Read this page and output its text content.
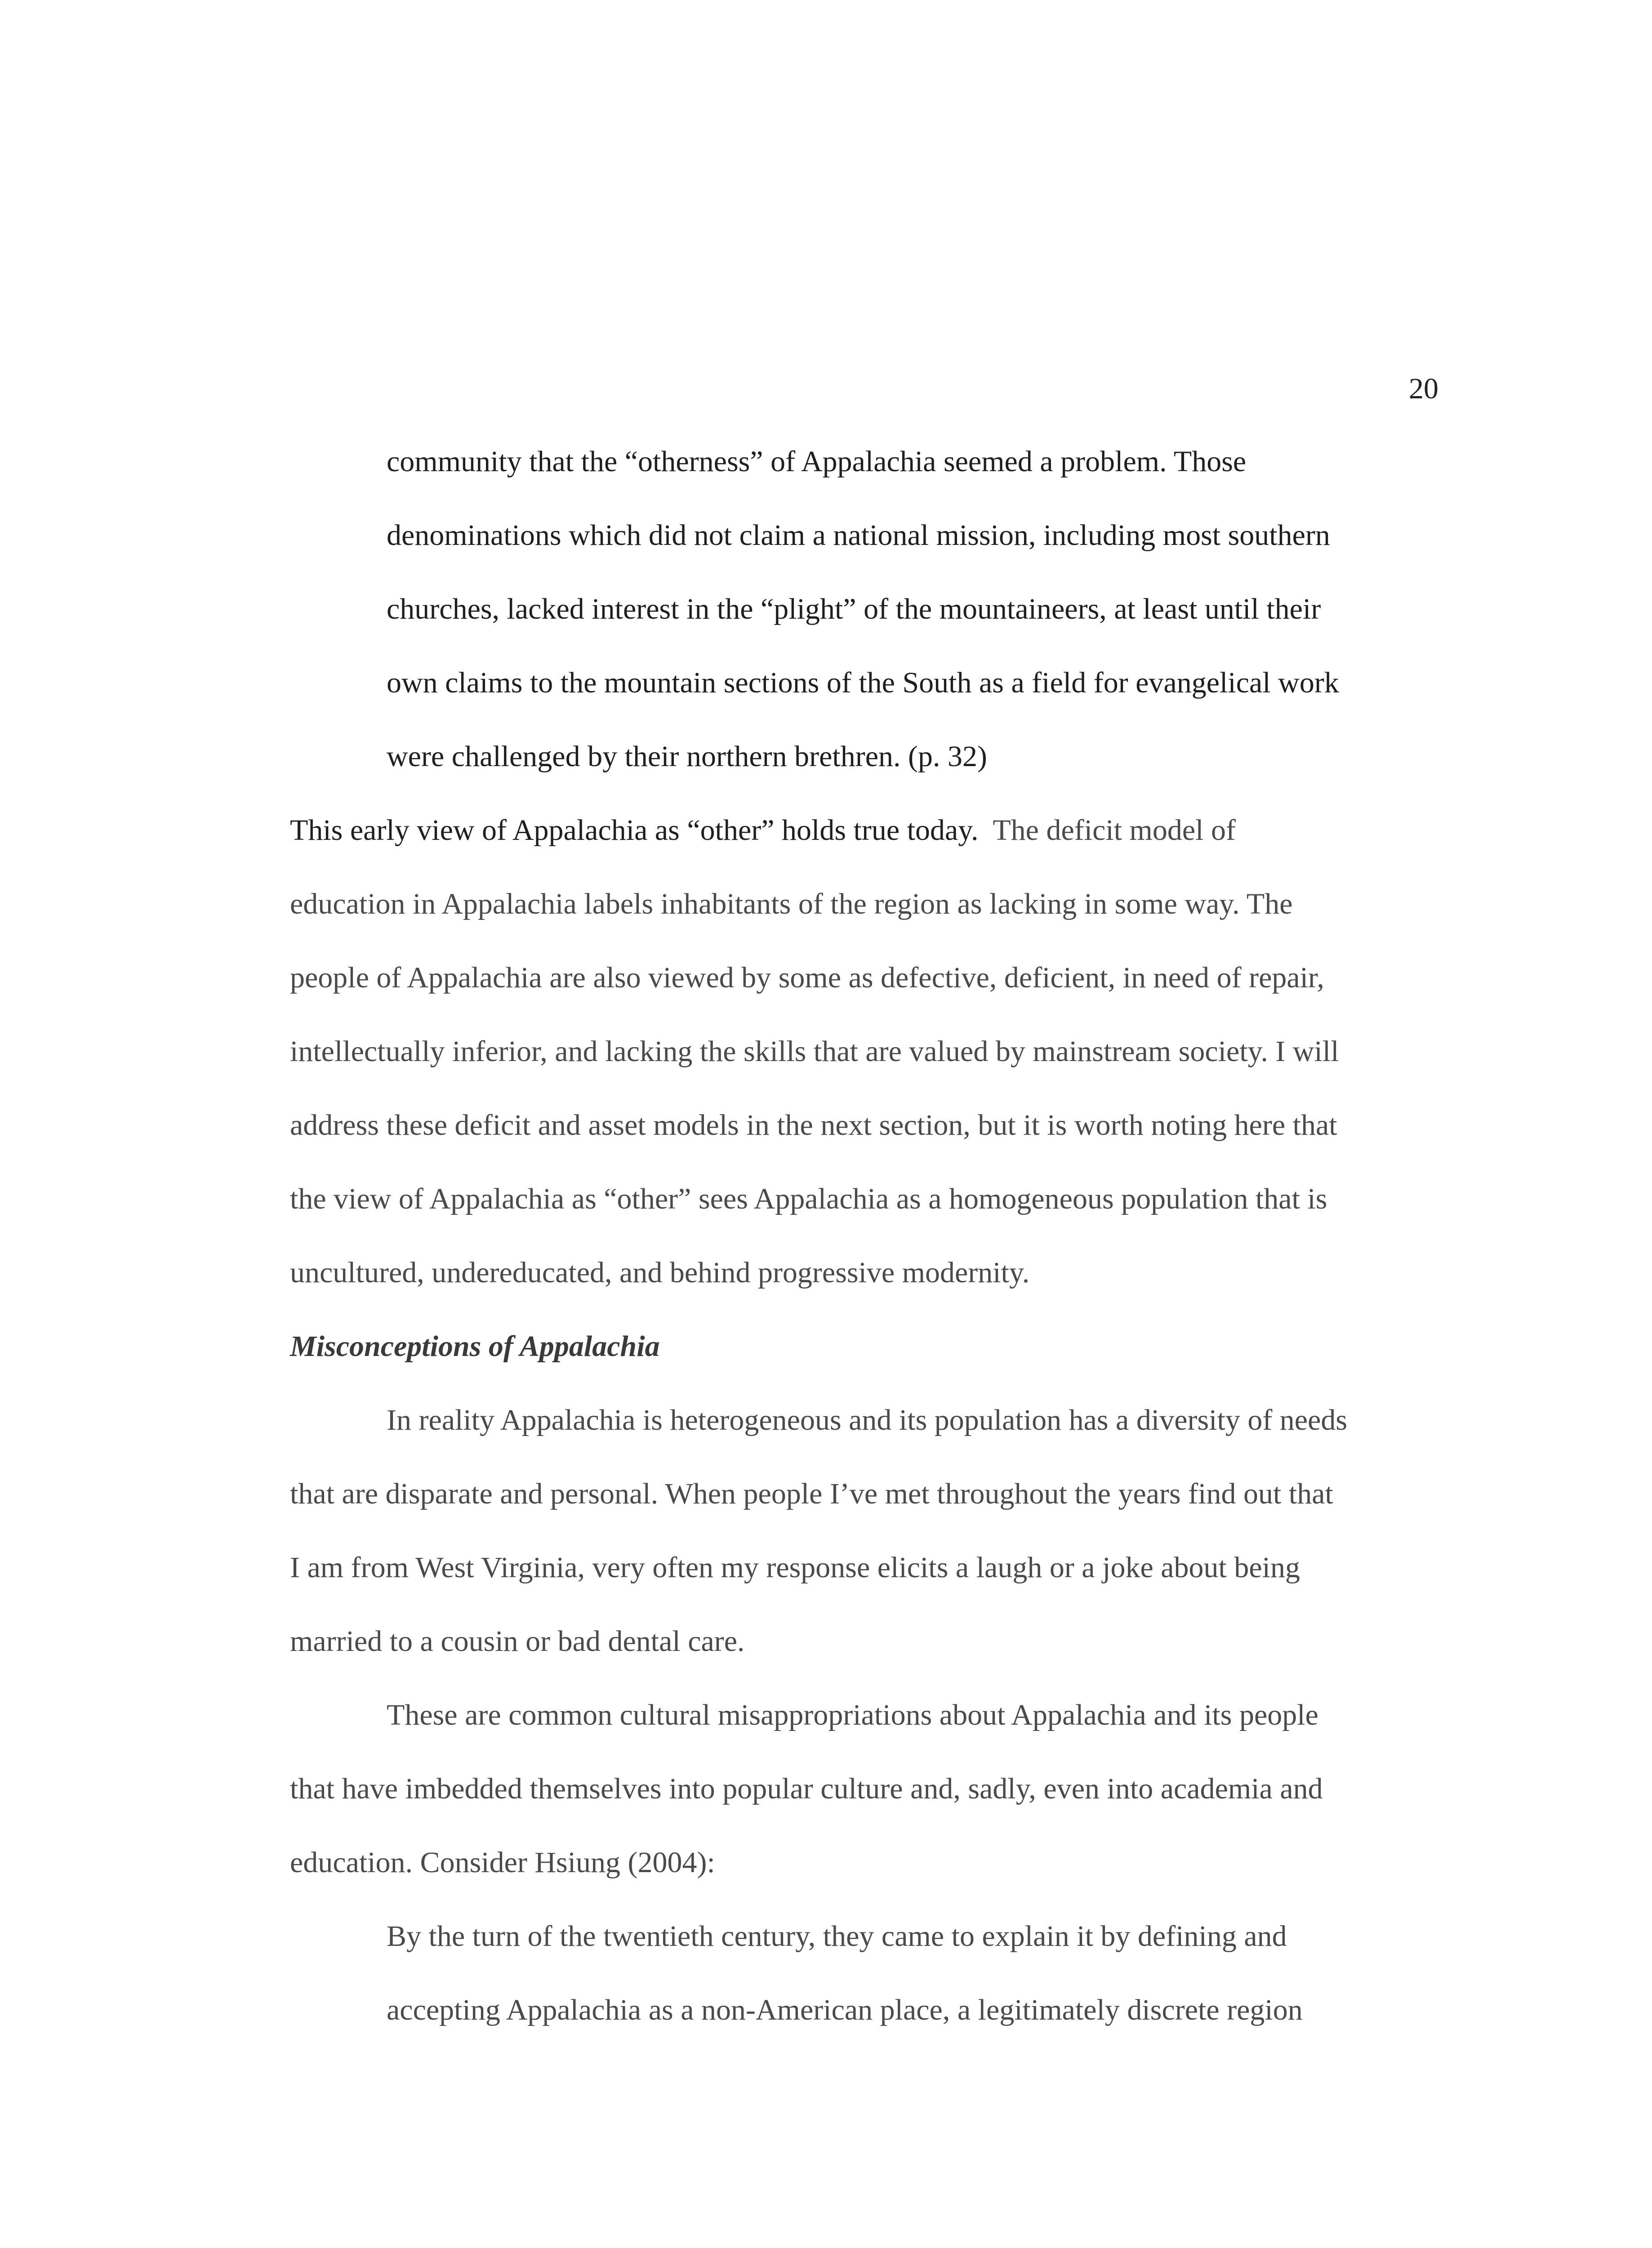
20
community that the “otherness” of Appalachia seemed a problem. Those
denominations which did not claim a national mission, including most southern
churches, lacked interest in the “plight” of the mountaineers, at least until their
own claims to the mountain sections of the South as a field for evangelical work
were challenged by their northern brethren. (p. 32)
This early view of Appalachia as “other” holds true today.  The deficit model of
education in Appalachia labels inhabitants of the region as lacking in some way. The
people of Appalachia are also viewed by some as defective, deficient, in need of repair,
intellectually inferior, and lacking the skills that are valued by mainstream society. I will
address these deficit and asset models in the next section, but it is worth noting here that
the view of Appalachia as “other” sees Appalachia as a homogeneous population that is
uncultured, undereducated, and behind progressive modernity.
Misconceptions of Appalachia
In reality Appalachia is heterogeneous and its population has a diversity of needs
that are disparate and personal. When people I’ve met throughout the years find out that
I am from West Virginia, very often my response elicits a laugh or a joke about being
married to a cousin or bad dental care.
These are common cultural misappropriations about Appalachia and its people
that have imbedded themselves into popular culture and, sadly, even into academia and
education. Consider Hsiung (2004):
By the turn of the twentieth century, they came to explain it by defining and
accepting Appalachia as a non-American place, a legitimately discrete region
